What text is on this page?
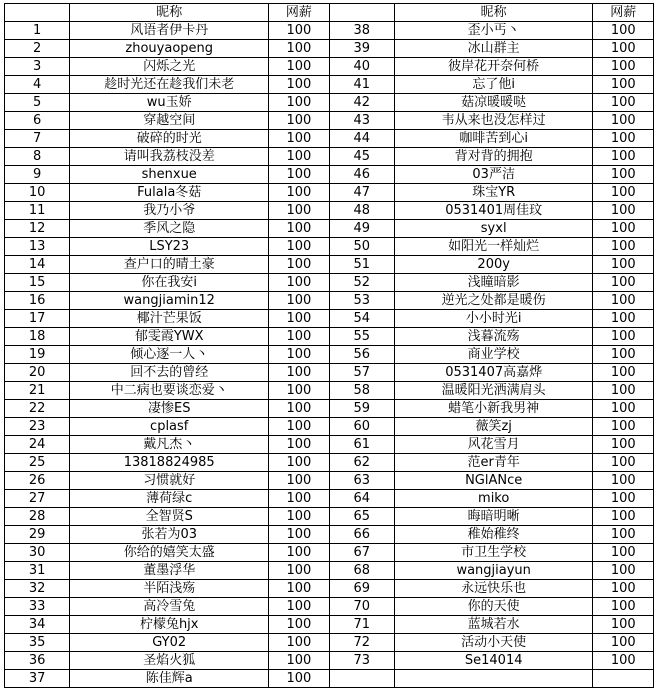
	昵称	网薪		昵称	网薪
1	风语者伊卡丹	100	38	歪小丐丶	100
2	zhouyaopeng	100	39	冰山群主	100
3	闪烁之光	100	40	彼岸花开奈何桥	100
4	趁时光还在趁我们未老	100	41	忘了他i	100
5	wu玉娇	100	42	菇凉暖暖哒	100
6	穿越空间	100	43	韦从来也没怎样过	100
7	破碎的时光	100	44	咖啡苦到心i	100
8	请叫我荔枝没差	100	45	背对背的拥抱	100
9	shenxue	100	46	03严洁	100
10	Fulala冬菇	100	47	珠宝YR	100
11	我乃小爷	100	48	0531401周佳玟	100
12	季风之隐	100	49	syxl	100
13	LSY23	100	50	如阳光一样灿烂	100
14	查户口的晴土豪	100	51	200y	100
15	你在我安i	100	52	浅瞳暗影	100
16	wangjiamin12	100	53	逆光之处都是暖伤	100
17	椰汁芒果饭	100	54	小小时光i	100
18	郁雯霞YWX	100	55	浅暮流殇	100
19	倾心逐一人丶	100	56	商业学校	100
20	回不去的曾经	100	57	0531407高嘉烨	100
21	中二病也要谈恋爱丶	100	58	温暖阳光洒满肩头	100
22	凄惨ES	100	59	蜡笔小新我男神	100
23	cplasf	100	60	薇笑zj	100
24	戴凡杰丶	100	61	风花雪月	100
25	13818824985	100	62	范er青年	100
26	习惯就好	100	63	NGlANce	100
27	薄荷绿c	100	64	miko	100
28	全智贤S	100	65	晦暗明晰	100
29	张若为03	100	66	稚始稚终	100
30	你给的嬉笑太盛	100	67	市卫生学校	100
31	董墨浮华	100	68	wangjiayun	100
32	半陌浅殇	100	69	永远快乐也	100
33	高冷雪兔	100	70	你的天使	100
34	柠檬兔hjx	100	71	蓝城若水	100
35	GY02	100	72	活动小天使	100
36	圣焰火狐	100	73	Se14014	100
37	陈佳辉a	100			
